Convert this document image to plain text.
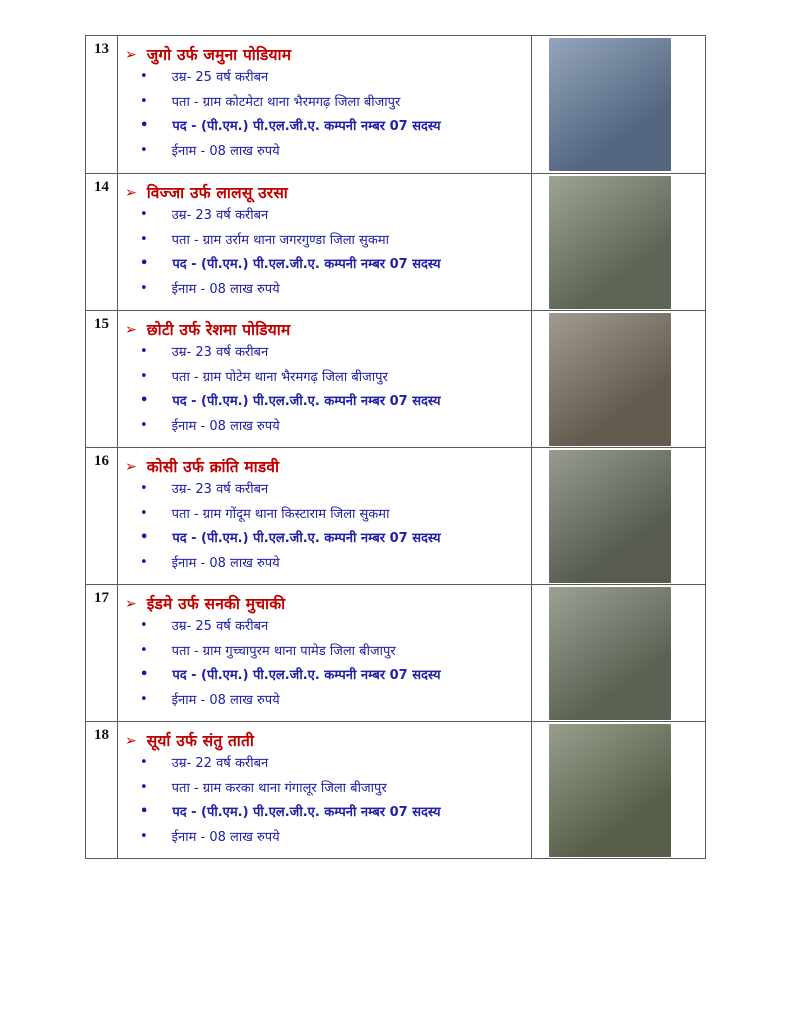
13	➢ जुगो उर्फ जमुना पोडियाम
• उम्र- 25 वर्ष करीबन
• पता - ग्राम कोटमेटा थाना भैरमगढ़ जिला बीजापुर
• पद - (पी.एम.) पी.एल.जी.ए. कम्पनी नम्बर 07 सदस्य
• ईनाम - 08 लाख रुपये
14	➢ विज्जा उर्फ लालसू उरसा
• उम्र- 23 वर्ष करीबन
• पता - ग्राम उर्राम थाना जगरगुण्डा जिला सुकमा
• पद - (पी.एम.) पी.एल.जी.ए. कम्पनी नम्बर 07 सदस्य
• ईनाम - 08 लाख रुपये
15	➢ छोटी उर्फ रेशमा पोडियाम
• उम्र- 23 वर्ष करीबन
• पता - ग्राम पोटेम थाना भैरमगढ़ जिला बीजापुर
• पद - (पी.एम.) पी.एल.जी.ए. कम्पनी नम्बर 07 सदस्य
• ईनाम - 08 लाख रुपये
16	➢ कोसी उर्फ क्रांति माडवी
• उम्र- 23 वर्ष करीबन
• पता - ग्राम गोंदूम थाना किस्टाराम जिला सुकमा
• पद - (पी.एम.) पी.एल.जी.ए. कम्पनी नम्बर 07 सदस्य
• ईनाम - 08 लाख रुपये
17	➢ ईडमे उर्फ सनकी मुचाकी
• उम्र- 25 वर्ष करीबन
• पता - ग्राम गुच्चापुरम थाना पामेड जिला बीजापुर
• पद - (पी.एम.) पी.एल.जी.ए. कम्पनी नम्बर 07 सदस्य
• ईनाम - 08 लाख रुपये
18	➢ सूर्या उर्फ संतु ताती
• उम्र- 22 वर्ष करीबन
• पता - ग्राम करका थाना गंगालूर जिला बीजापुर
• पद - (पी.एम.) पी.एल.जी.ए. कम्पनी नम्बर 07 सदस्य
• ईनाम - 08 लाख रुपये
